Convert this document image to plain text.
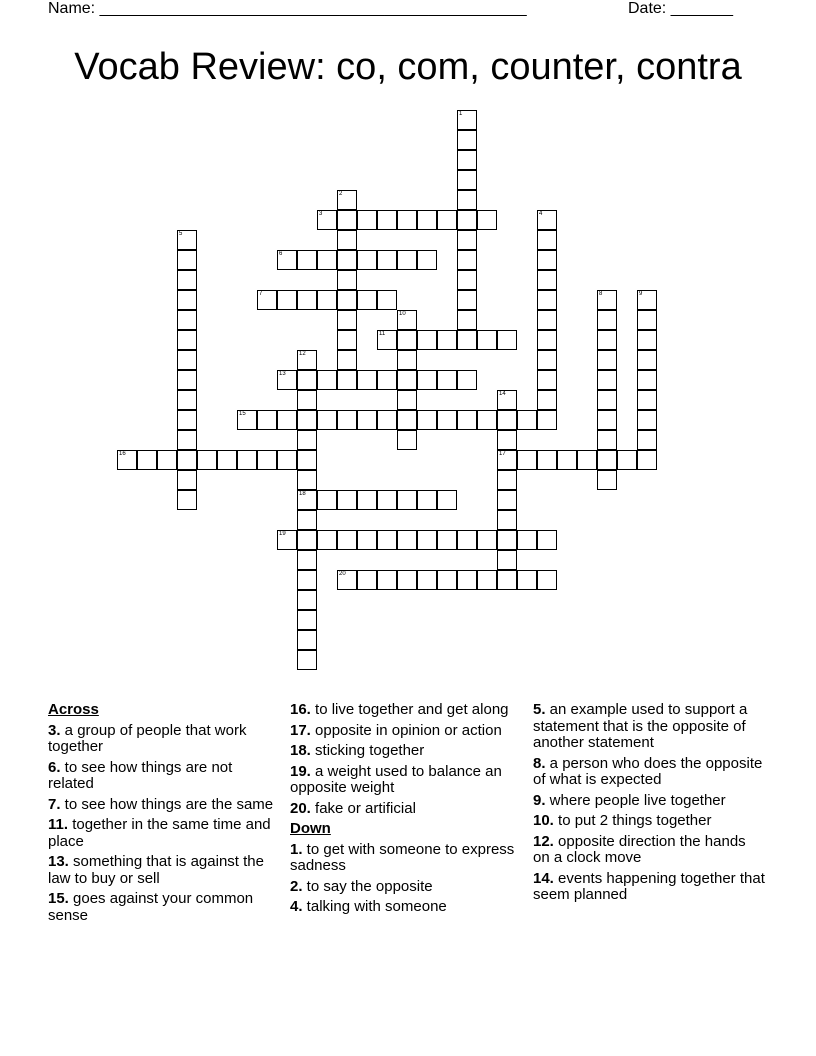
Name: ________________________________________________	Date: _______
Vocab Review: co, com, counter, contra
3
6
7
11
13
15
16	17
18
19
20
1
2
4
5
8	9
10
12
14
Across
3. a group of people that work together
6. to see how things are not related
7. to see how things are the same
11. together in the same time and place
13. something that is against the law to buy or sell
15. goes against your common sense
16. to live together and get along
17. opposite in opinion or action
18. sticking together
19. a weight used to balance an opposite weight
20. fake or artificial
Down
1. to get with someone to express sadness
2. to say the opposite
4. talking with someone
5. an example used to support a statement that is the opposite of another statement
8. a person who does the opposite of what is expected
9. where people live together
10. to put 2 things together
12. opposite direction the hands on a clock move
14. events happening together that seem planned
